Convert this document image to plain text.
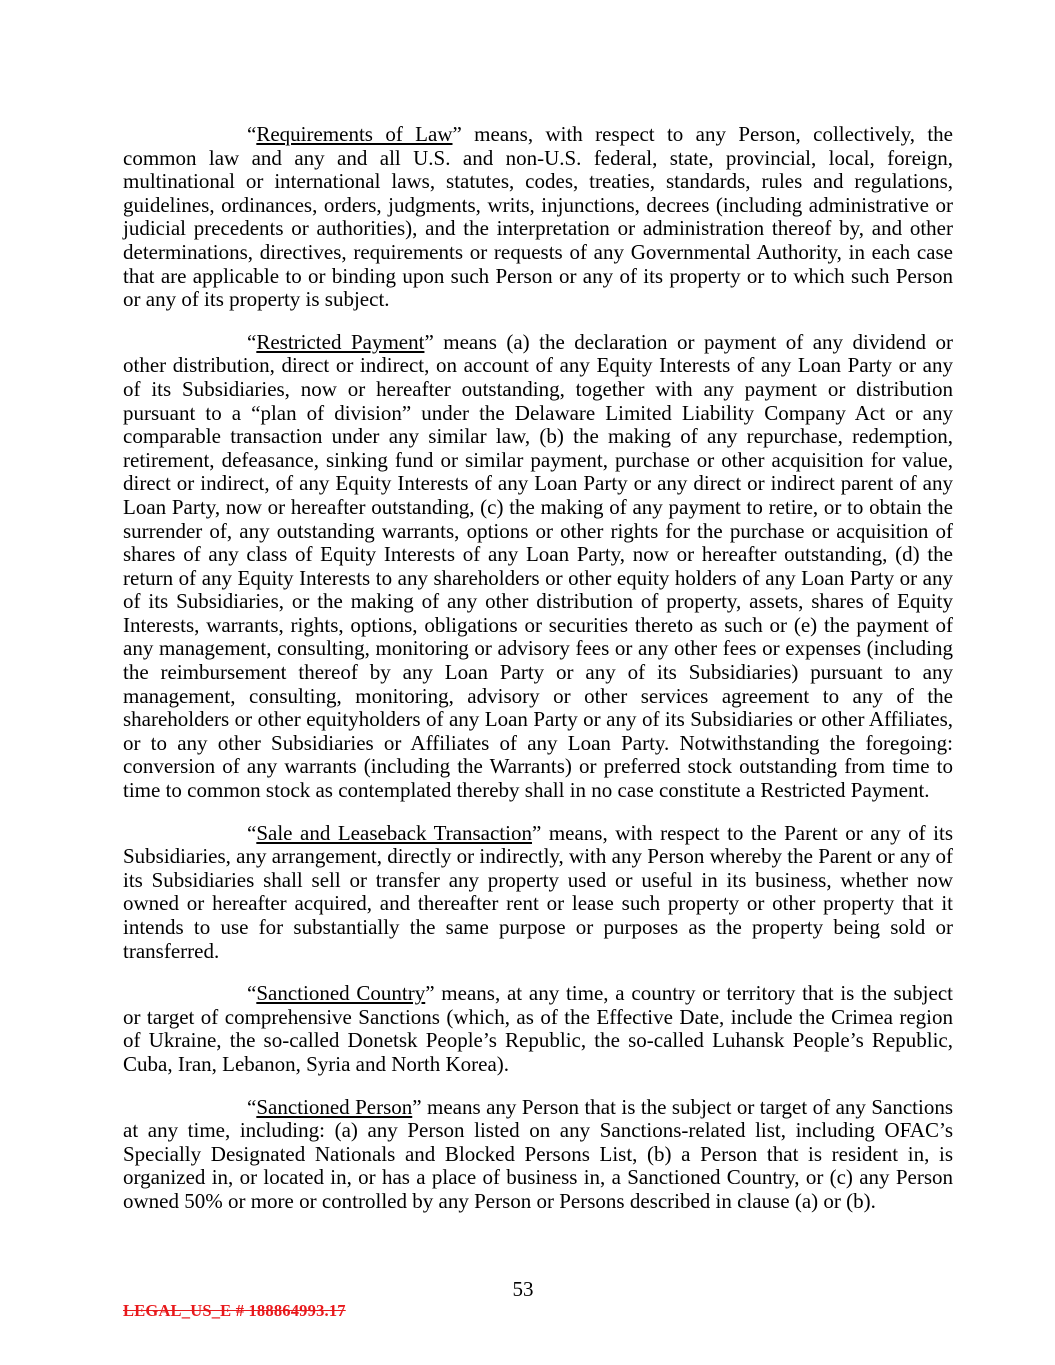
“Requirements of Law” means, with respect to any Person, collectively, the common law and any and all U.S. and non-U.S. federal, state, provincial, local, foreign, multinational or international laws, statutes, codes, treaties, standards, rules and regulations, guidelines, ordinances, orders, judgments, writs, injunctions, decrees (including administrative or judicial precedents or authorities), and the interpretation or administration thereof by, and other determinations, directives, requirements or requests of any Governmental Authority, in each case that are applicable to or binding upon such Person or any of its property or to which such Person or any of its property is subject.

“Restricted Payment” means (a) the declaration or payment of any dividend or other distribution, direct or indirect, on account of any Equity Interests of any Loan Party or any of its Subsidiaries, now or hereafter outstanding, together with any payment or distribution pursuant to a “plan of division” under the Delaware Limited Liability Company Act or any comparable transaction under any similar law, (b) the making of any repurchase, redemption, retirement, defeasance, sinking fund or similar payment, purchase or other acquisition for value, direct or indirect, of any Equity Interests of any Loan Party or any direct or indirect parent of any Loan Party, now or hereafter outstanding, (c) the making of any payment to retire, or to obtain the surrender of, any outstanding warrants, options or other rights for the purchase or acquisition of shares of any class of Equity Interests of any Loan Party, now or hereafter outstanding, (d) the return of any Equity Interests to any shareholders or other equity holders of any Loan Party or any of its Subsidiaries, or the making of any other distribution of property, assets, shares of Equity Interests, warrants, rights, options, obligations or securities thereto as such or (e) the payment of any management, consulting, monitoring or advisory fees or any other fees or expenses (including the reimbursement thereof by any Loan Party or any of its Subsidiaries) pursuant to any management, consulting, monitoring, advisory or other services agreement to any of the shareholders or other equityholders of any Loan Party or any of its Subsidiaries or other Affiliates, or to any other Subsidiaries or Affiliates of any Loan Party. Notwithstanding the foregoing: conversion of any warrants (including the Warrants) or preferred stock outstanding from time to time to common stock as contemplated thereby shall in no case constitute a Restricted Payment.

“Sale and Leaseback Transaction” means, with respect to the Parent or any of its Subsidiaries, any arrangement, directly or indirectly, with any Person whereby the Parent or any of its Subsidiaries shall sell or transfer any property used or useful in its business, whether now owned or hereafter acquired, and thereafter rent or lease such property or other property that it intends to use for substantially the same purpose or purposes as the property being sold or transferred.

“Sanctioned Country” means, at any time, a country or territory that is the subject or target of comprehensive Sanctions (which, as of the Effective Date, include the Crimea region of Ukraine, the so-called Donetsk People’s Republic, the so-called Luhansk People’s Republic, Cuba, Iran, Lebanon, Syria and North Korea).

“Sanctioned Person” means any Person that is the subject or target of any Sanctions at any time, including: (a) any Person listed on any Sanctions-related list, including OFAC’s Specially Designated Nationals and Blocked Persons List, (b) a Person that is resident in, is organized in, or located in, or has a place of business in, a Sanctioned Country, or (c) any Person owned 50% or more or controlled by any Person or Persons described in clause (a) or (b).

53
LEGAL_US_E # 188864993.17
